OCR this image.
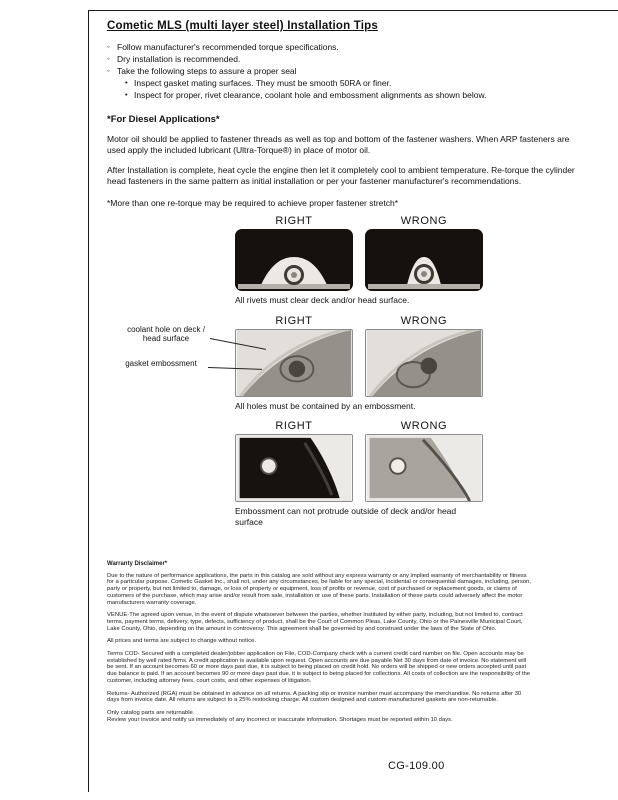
Cometic MLS (multi layer steel) Installation Tips
◦ Follow manufacturer's recommended torque specifications.
◦ Dry installation is recommended.
◦ Take the following steps to assure a proper seal
• Inspect gasket mating surfaces. They must be smooth 50RA or finer.
• Inspect for proper, rivet clearance, coolant hole and embossment alignments as shown below.
*For Diesel Applications*

Motor oil should be applied to fastener threads as well as top and bottom of the fastener washers. When ARP fasteners are used apply the included lubricant (Ultra-Torque®) in place of motor oil.

After Installation is complete, heat cycle the engine then let it completely cool to ambient temperature. Re-torque the cylinder head fasteners in the same pattern as initial installation or per your fastener manufacturer's recommendations.

*More than one re-torque may be required to achieve proper fastener stretch*

RIGHT	WRONG
All rivets must clear deck and/or head surface.
coolant hole on deck / head surface
gasket embossment
RIGHT	WRONG
All holes must be contained by an embossment.
RIGHT	WRONG
Embossment can not protrude outside of deck and/or head surface
Warranty Disclaimer*

Due to the nature of performance applications, the parts in this catalog are sold without any express warranty or any implied warranty of merchantability or fitness for a particular purpose. Cometic Gasket Inc., shall not, under any circumstances, be liable for any special, incidental or consequential damages, including, person, party or property, but not limited to, damage, or loss of property or equipment, loss of profits or revenue, cost of purchased or replacement goods, or claims of customers of the purchase, which may arise and/or result from sale, installation or use of these parts. Installation of these parts could adversely affect the motor manufacturers warranty coverage.

VENUE-The agreed upon venue, in the event of dispute whatsoever between the parties, whether instituted by either party, including, but not limited to, contract terms, payment terms, delivery, type, defects, sufficiency of product, shall be the Court of Common Pleas, Lake County, Ohio or the Painesville Municipal Court, Lake County, Ohio, depending on the amount in controversy. This agreement shall be governed by and construed under the laws of the State of Ohio.

All prices and terms are subject to change without notice.

Terms COD- Secured with a completed dealer/jobber application on File, COD-Company check with a current credit card number on file. Open accounts may be established by well rated firms. A credit application is available upon request. Open accounts are due payable Net 30 days from date of invoice. No statement will be sent. If an account becomes 60 or more days past due, it is subject to being placed on credit hold. No orders will be shipped or new orders accepted until past due balance is paid. If an account becomes 90 or more days past due, it is subject to being placed for collections. All costs of collection are the responsibility of the customer, including attorney fees, court costs, and other expenses of litigation.

Returns- Authorized (RGA) must be obtained in advance on all returns. A packing slip or invoice number must accompany the merchandise. No returns after 30 days from invoice date. All returns are subject to a 25% restocking charge. All custom designed and custom manufactured gaskets are non-returnable.

Only catalog parts are returnable.

Review your invoice and notify us immediately of any incorrect or inaccurate information. Shortages must be reported within 10 days.

CG-109.00
